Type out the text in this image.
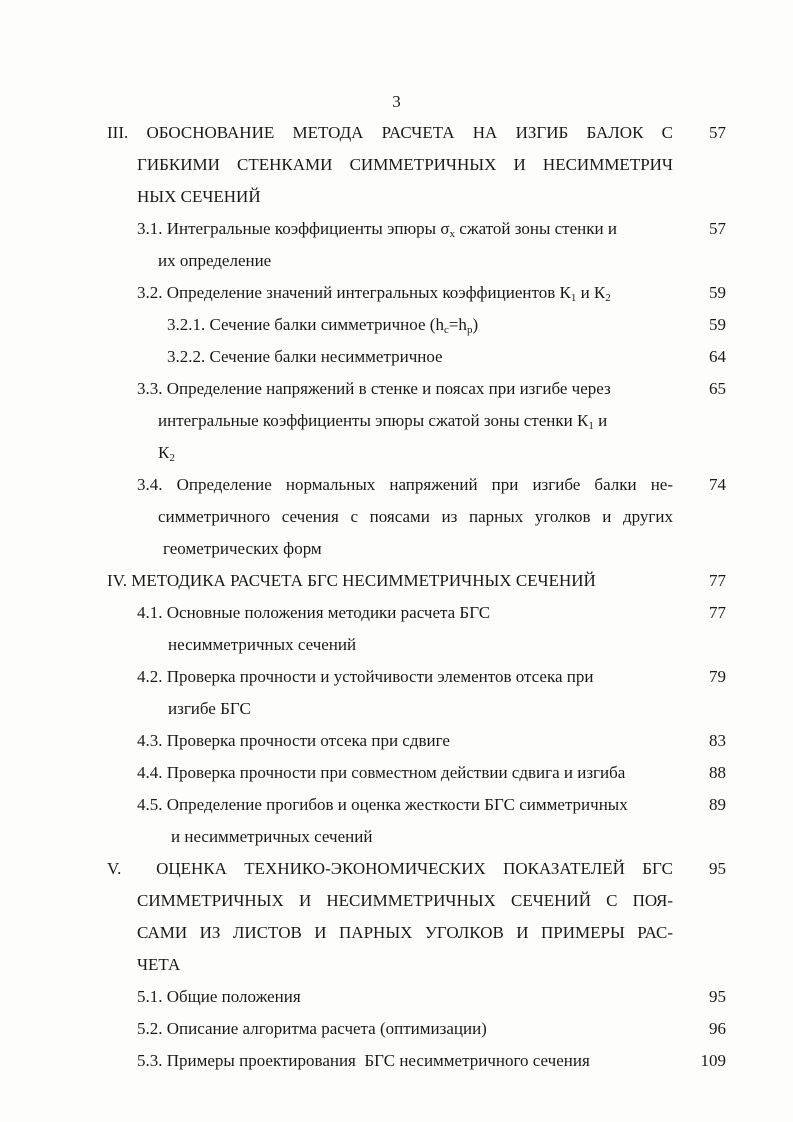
3
III. ОБОСНОВАНИЕ МЕТОДА РАСЧЕТА НА ИЗГИБ БАЛОК С
ГИБКИМИ СТЕНКАМИ СИММЕТРИЧНЫХ И НЕСИММЕТРИЧ
НЫХ СЕЧЕНИЙ
57
3.1. Интегральные коэффициенты эпюры $\sigma_x$ сжатой зоны стенки и
их определение
57
3.2. Определение значений интегральных коэффициентов $К_1$ и $К_2$	59
3.2.1. Сечение балки симметричное $(h_c=h_p)$	59
3.2.2. Сечение балки несимметричное	64
3.3. Определение напряжений в стенке и поясах при изгибе через
интегральные коэффициенты эпюры сжатой зоны стенки $К_1$ и
$К_2$
65
3.4. Определение нормальных напряжений при изгибе балки не-
симметричного сечения с поясами из парных уголков и других
геометрических форм
74
IV. МЕТОДИКА РАСЧЕТА БГС НЕСИММЕТРИЧНЫХ СЕЧЕНИЙ	77
4.1. Основные положения методики расчета БГС
несимметричных сечений
77
4.2. Проверка прочности и устойчивости элементов отсека при
изгибе БГС
79
4.3. Проверка прочности отсека при сдвиге	83
4.4. Проверка прочности при совместном действии сдвига и изгиба	88
4.5. Определение прогибов и оценка жесткости БГС симметричных
и несимметричных сечений
89
V.  ОЦЕНКА ТЕХНИКО-ЭКОНОМИЧЕСКИХ ПОКАЗАТЕЛЕЙ БГС
СИММЕТРИЧНЫХ И НЕСИММЕТРИЧНЫХ СЕЧЕНИЙ С ПОЯ-
САМИ ИЗ ЛИСТОВ И ПАРНЫХ УГОЛКОВ И ПРИМЕРЫ РАС-
ЧЕТА
95
5.1. Общие положения	95
5.2. Описание алгоритма расчета (оптимизации)	96
5.3. Примеры проектирования  БГС несимметричного сечения	109
